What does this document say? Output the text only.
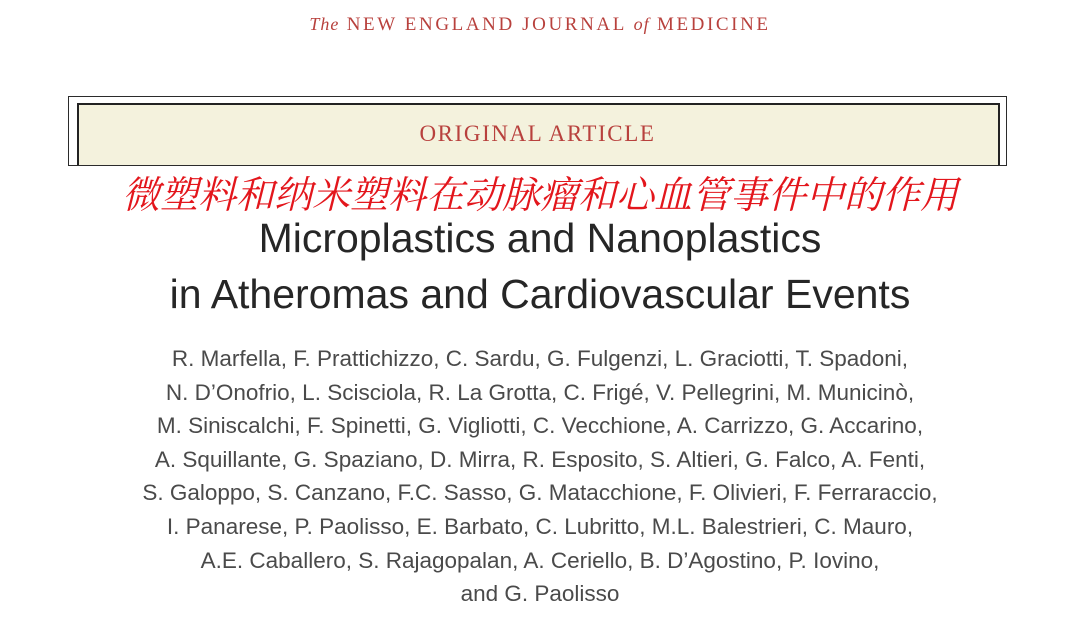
The NEW ENGLAND JOURNAL of MEDICINE
ORIGINAL ARTICLE
微塑料和纳米塑料在动脉瘤和心血管事件中的作用
Microplastics and Nanoplastics
in Atheromas and Cardiovascular Events
R. Marfella, F. Prattichizzo, C. Sardu, G. Fulgenzi, L. Graciotti, T. Spadoni,
N. D’Onofrio, L. Scisciola, R. La Grotta, C. Frigé, V. Pellegrini, M. Municinò,
M. Siniscalchi, F. Spinetti, G. Vigliotti, C. Vecchione, A. Carrizzo, G. Accarino,
A. Squillante, G. Spaziano, D. Mirra, R. Esposito, S. Altieri, G. Falco, A. Fenti,
S. Galoppo, S. Canzano, F.C. Sasso, G. Matacchione, F. Olivieri, F. Ferraraccio,
I. Panarese, P. Paolisso, E. Barbato, C. Lubritto, M.L. Balestrieri, C. Mauro,
A.E. Caballero, S. Rajagopalan, A. Ceriello, B. D’Agostino, P. Iovino,
and G. Paolisso
